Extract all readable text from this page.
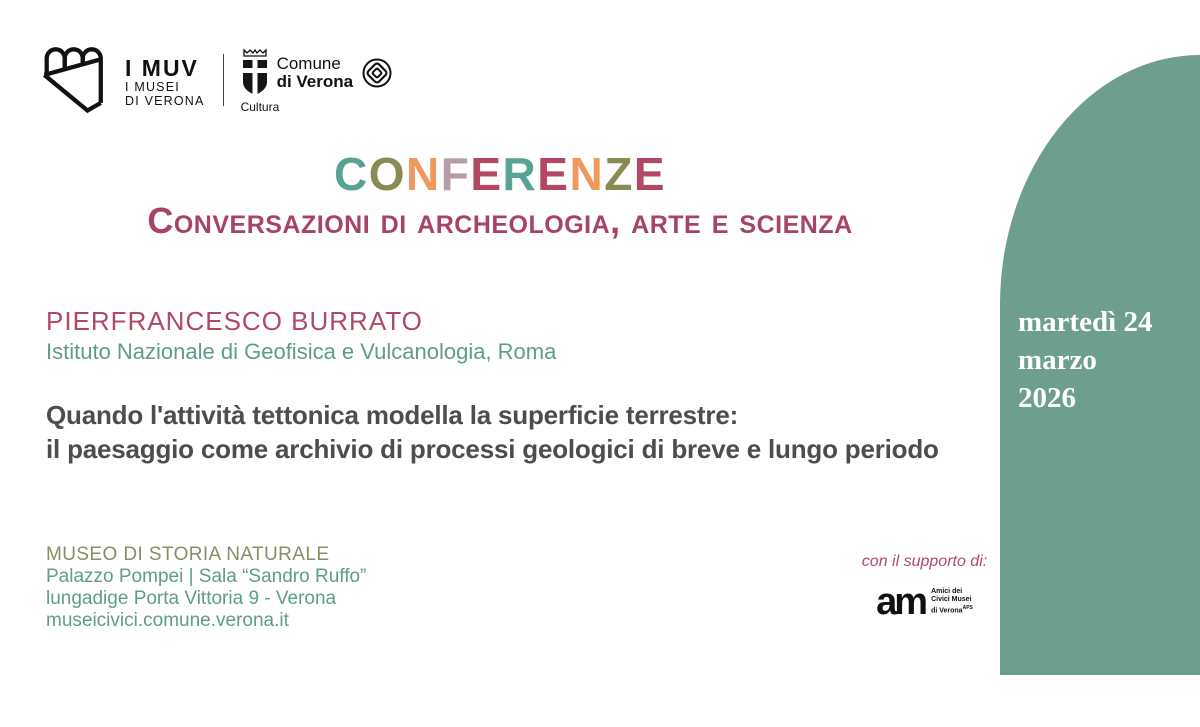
I MUV
I MUSEI
DI VERONA
Comune
di Verona
Cultura
CONFERENZE
Conversazioni di archeologia, arte e scienza
PIERFRANCESCO BURRATO
Istituto Nazionale di Geofisica e Vulcanologia, Roma
Quando l'attività tettonica modella la superficie terrestre:
il paesaggio come archivio di processi geologici di breve e lungo periodo
MUSEO DI STORIA NATURALE
Palazzo Pompei | Sala “Sandro Ruffo”
lungadige Porta Vittoria 9 - Verona
museicivici.comune.verona.it
martedì 24
marzo
2026
ore 17
con il supporto di:
am Amici dei
Civici Musei
di Verona$^{APS}$
